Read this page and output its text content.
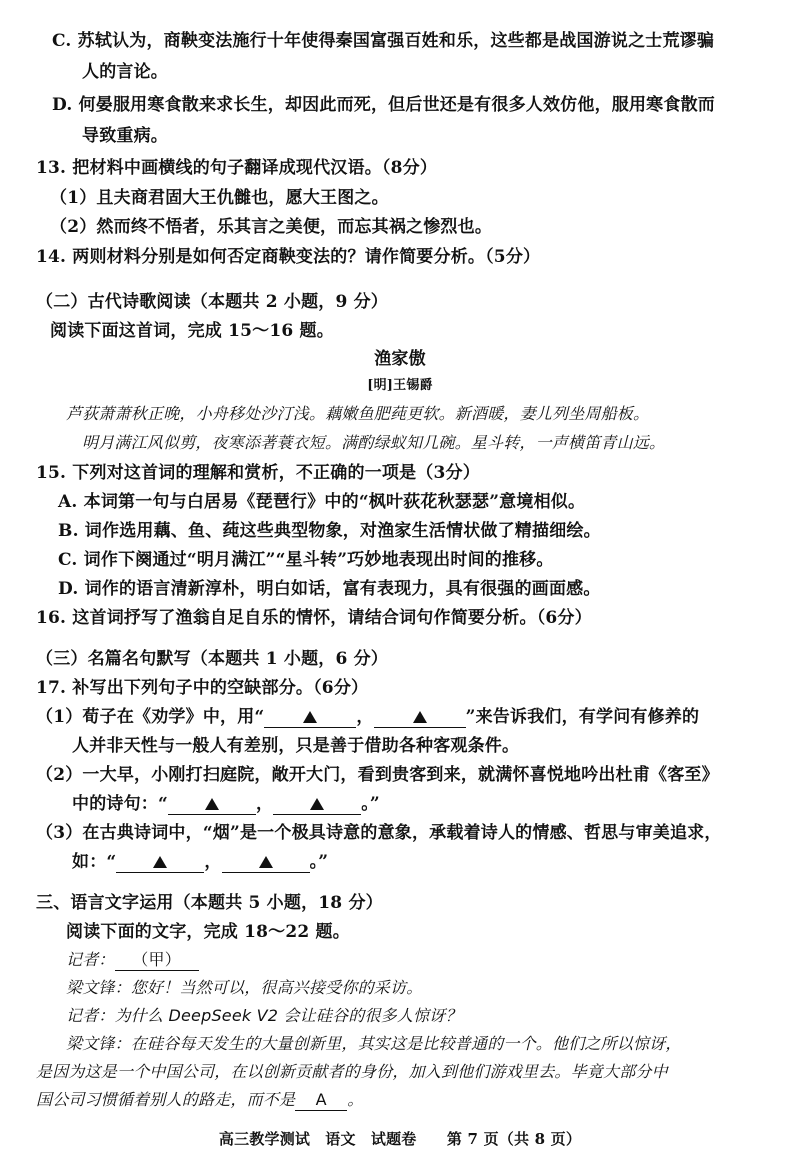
C. 苏轼认为，商鞅变法施行十年使得秦国富强百姓和乐，这些都是战国游说之士荒谬骗
人的言论。
D. 何晏服用寒食散来求长生，却因此而死，但后世还是有很多人效仿他，服用寒食散而
导致重病。
13. 把材料中画横线的句子翻译成现代汉语。（8分）
（1）且夫商君固大王仇雠也，愿大王图之。
（2）然而终不悟者，乐其言之美便，而忘其祸之惨烈也。
14. 两则材料分别是如何否定商鞅变法的？请作简要分析。（5分）
（二）古代诗歌阅读（本题共 2 小题，9 分）
阅读下面这首词，完成 15～16 题。
渔家傲
[明]王锡爵
芦荻萧萧秋正晚，小舟移处沙汀浅。藕嫩鱼肥莼更软。新酒暖，妻儿列坐周船板。
明月满江风似剪，夜寒添著蓑衣短。满酌绿蚁知几碗。星斗转，一声横笛青山远。
15. 下列对这首词的理解和赏析，不正确的一项是（3分）
A. 本词第一句与白居易《琵琶行》中的“枫叶荻花秋瑟瑟”意境相似。
B. 词作选用藕、鱼、莼这些典型物象，对渔家生活情状做了精描细绘。
C. 词作下阕通过“明月满江”“星斗转”巧妙地表现出时间的推移。
D. 词作的语言清新淳朴，明白如话，富有表现力，具有很强的画面感。
16. 这首词抒写了渔翁自足自乐的情怀，请结合词句作简要分析。（6分）
（三）名篇名句默写（本题共 1 小题，6 分）
17. 补写出下列句子中的空缺部分。（6分）
（1）荀子在《劝学》中，用“	，	”来告诉我们，有学问有修养的
人并非天性与一般人有差别，只是善于借助各种客观条件。
（2）一大早，小刚打扫庭院，敞开大门，看到贵客到来，就满怀喜悦地吟出杜甫《客至》
中的诗句：“	，	。”
（3）在古典诗词中，“烟”是一个极具诗意的意象，承载着诗人的情感、哲思与审美追求，
如：“	，	。”
三、语言文字运用（本题共 5 小题，18 分）
阅读下面的文字，完成 18～22 题。
记者： （甲）
梁文锋：您好！当然可以，很高兴接受你的采访。
记者：为什么 DeepSeek V2 会让硅谷的很多人惊讶？
梁文锋：在硅谷每天发生的大量创新里，其实这是比较普通的一个。他们之所以惊讶，
是因为这是一个中国公司，在以创新贡献者的身份，加入到他们游戏里去。毕竟大部分中
国公司习惯循着别人的路走，而不是 A 。
高三教学测试　语文　试题卷　　第 7 页（共 8 页）
